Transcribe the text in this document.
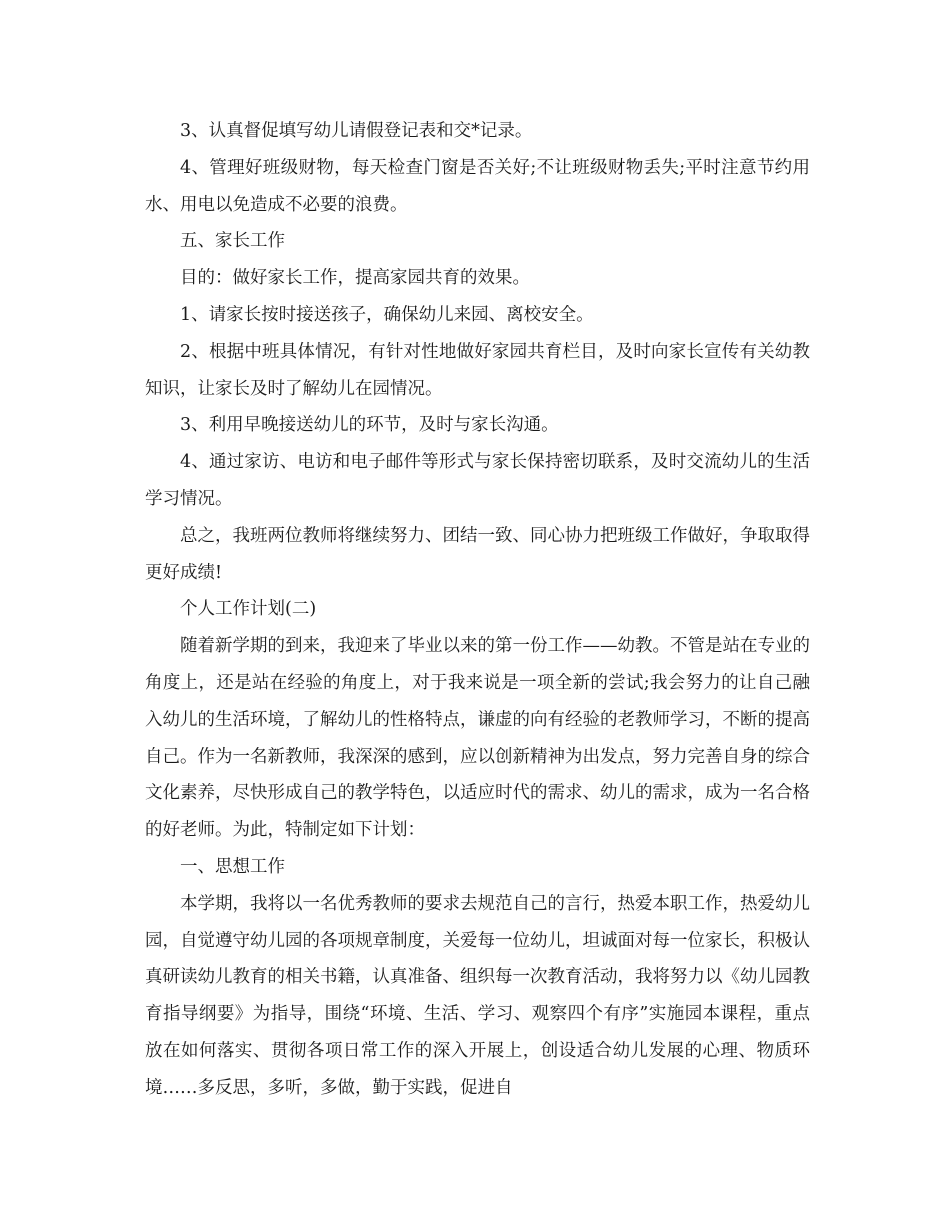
3、认真督促填写幼儿请假登记表和交*记录。

4、管理好班级财物，每天检查门窗是否关好;不让班级财物丢失;平时注意节约用水、用电以免造成不必要的浪费。

五、家长工作

目的：做好家长工作，提高家园共育的效果。

1、请家长按时接送孩子，确保幼儿来园、离校安全。

2、根据中班具体情况，有针对性地做好家园共育栏目，及时向家长宣传有关幼教知识，让家长及时了解幼儿在园情况。

3、利用早晚接送幼儿的环节，及时与家长沟通。

4、通过家访、电访和电子邮件等形式与家长保持密切联系，及时交流幼儿的生活学习情况。

总之，我班两位教师将继续努力、团结一致、同心协力把班级工作做好，争取取得更好成绩!

个人工作计划(二)

随着新学期的到来，我迎来了毕业以来的第一份工作——幼教。不管是站在专业的角度上，还是站在经验的角度上，对于我来说是一项全新的尝试;我会努力的让自己融入幼儿的生活环境，了解幼儿的性格特点，谦虚的向有经验的老教师学习，不断的提高自己。作为一名新教师，我深深的感到，应以创新精神为出发点，努力完善自身的综合文化素养，尽快形成自己的教学特色，以适应时代的需求、幼儿的需求，成为一名合格的好老师。为此，特制定如下计划：

一、思想工作

本学期，我将以一名优秀教师的要求去规范自己的言行，热爱本职工作，热爱幼儿园，自觉遵守幼儿园的各项规章制度，关爱每一位幼儿，坦诚面对每一位家长，积极认真研读幼儿教育的相关书籍，认真准备、组织每一次教育活动，我将努力以《幼儿园教育指导纲要》为指导，围绕“环境、生活、学习、观察四个有序”实施园本课程，重点放在如何落实、贯彻各项日常工作的深入开展上，创设适合幼儿发展的心理、物质环境……多反思，多听，多做，勤于实践，促进自
